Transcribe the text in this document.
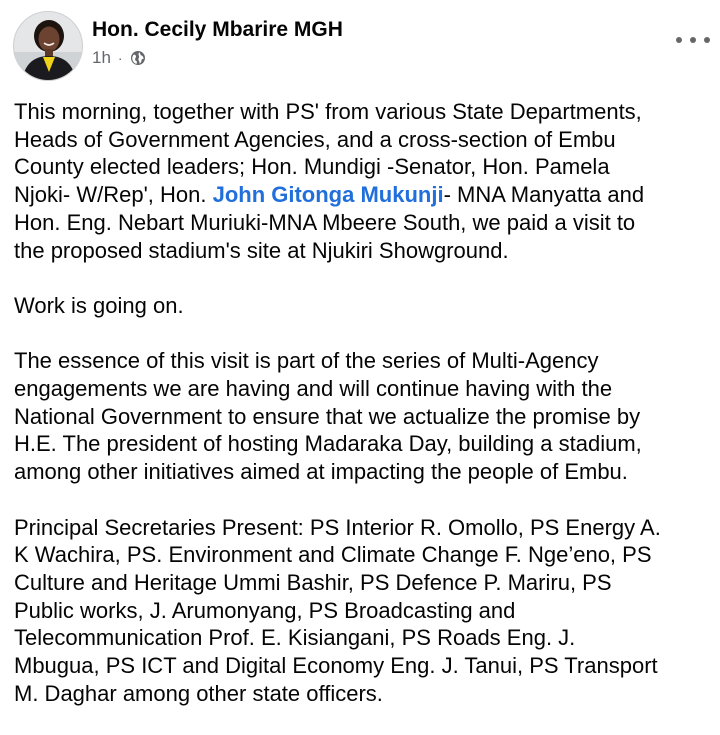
Hon. Cecily Mbarire MGH
1h ·
This morning, together with PS' from various State Departments,
Heads of Government Agencies, and a cross-section of Embu
County elected leaders; Hon. Mundigi -Senator, Hon. Pamela
Njoki- W/Rep', Hon. John Gitonga Mukunji- MNA Manyatta and
Hon. Eng. Nebart Muriuki-MNA Mbeere South, we paid a visit to
the proposed stadium's site at Njukiri Showground.
Work is going on.
The essence of this visit is part of the series of Multi-Agency
engagements we are having and will continue having with the
National Government to ensure that we actualize the promise by
H.E. The president of hosting Madaraka Day, building a stadium,
among other initiatives aimed at impacting the people of Embu.
Principal Secretaries Present: PS Interior R. Omollo, PS Energy A.
K Wachira, PS. Environment and Climate Change F. Nge’eno, PS
Culture and Heritage Ummi Bashir, PS Defence P. Mariru, PS
Public works, J. Arumonyang, PS Broadcasting and
Telecommunication Prof. E. Kisiangani, PS Roads Eng. J.
Mbugua, PS ICT and Digital Economy Eng. J. Tanui, PS Transport
M. Daghar among other state officers.
